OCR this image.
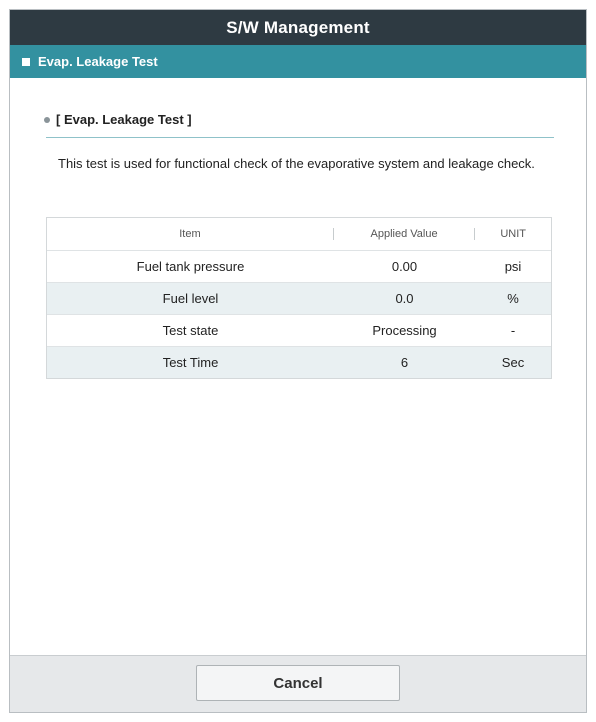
S/W Management
Evap. Leakage Test
[ Evap. Leakage Test ]
This test is used for functional check of the evaporative system and leakage check.
Item	Applied Value	UNIT
Fuel tank pressure	0.00	psi
Fuel level	0.0	%
Test state	Processing	-
Test Time	6	Sec
Cancel
